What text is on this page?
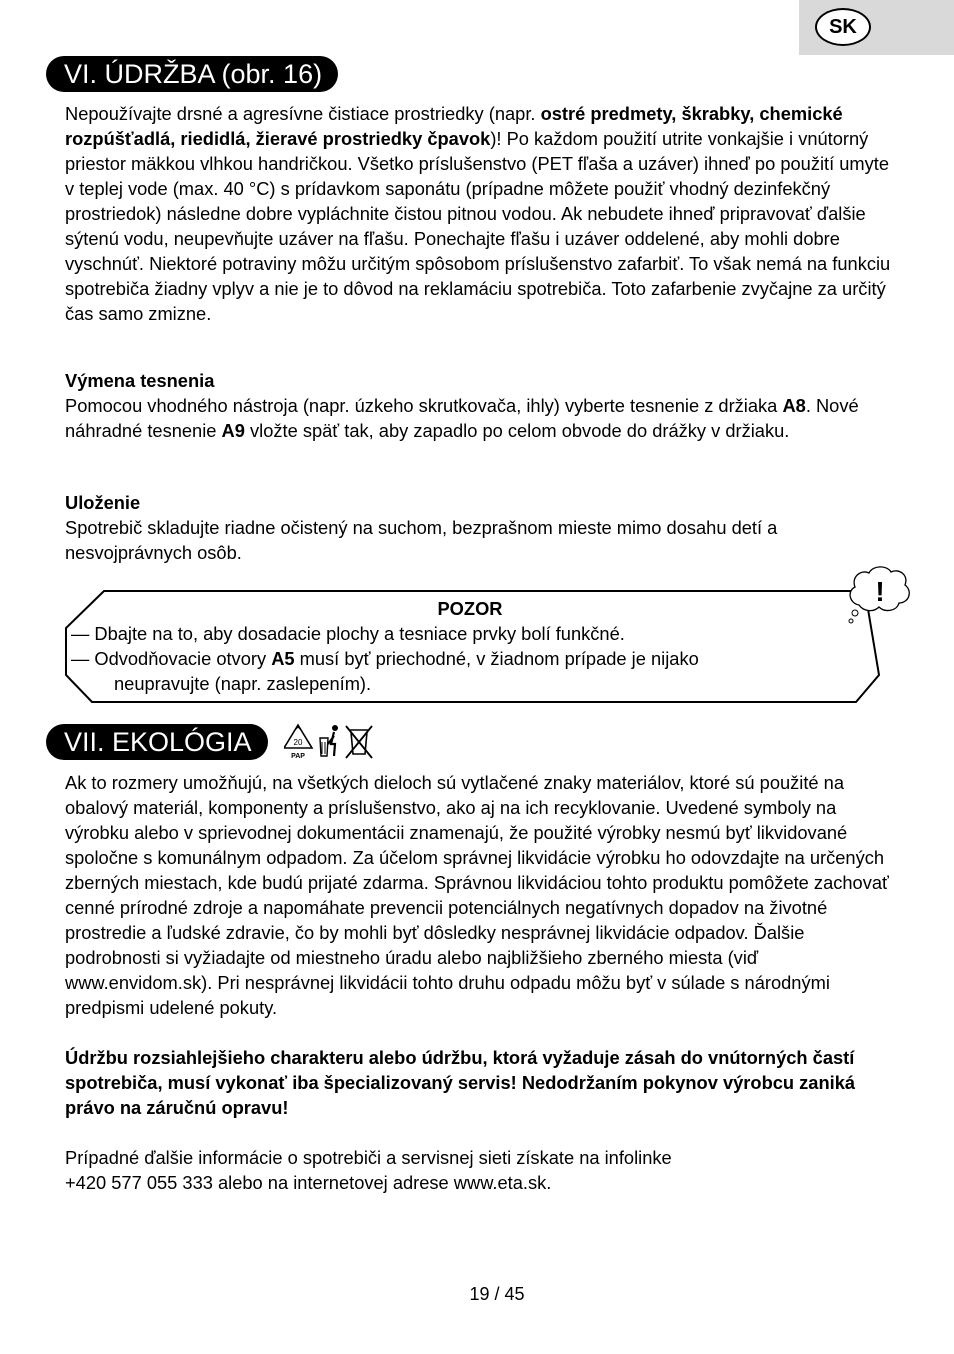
SK
VI. ÚDRŽBA (obr. 16)

Nepoužívajte drsné a agresívne čistiace prostriedky (napr. ostré predmety, škrabky, chemické rozpúšťadlá, riedidlá, žieravé prostriedky čpavok)! Po každom použití utrite vonkajšie i vnútorný priestor mäkkou vlhkou handričkou. Všetko príslušenstvo (PET fľaša a uzáver) ihneď po použití umyte v teplej vode (max. 40 °C) s prídavkom saponátu (prípadne môžete použiť vhodný dezinfekčný prostriedok) následne dobre vypláchnite čistou pitnou vodou. Ak nebudete ihneď pripravovať ďalšie sýtenú vodu, neupevňujte uzáver na fľašu. Ponechajte fľašu i uzáver oddelené, aby mohli dobre vyschnúť. Niektoré potraviny môžu určitým spôsobom príslušenstvo zafarbiť. To však nemá na funkciu spotrebiča žiadny vplyv a nie je to dôvod na reklamáciu spotrebiča. Toto zafarbenie zvyčajne za určitý čas samo zmizne.

Výmena tesnenia

Pomocou vhodného nástroja (napr. úzkeho skrutkovača, ihly) vyberte tesnenie z držiaka A8. Nové náhradné tesnenie A9 vložte späť tak, aby zapadlo po celom obvode do drážky v držiaku.

Uloženie

Spotrebič skladujte riadne očistený na suchom, bezprašnom mieste mimo dosahu detí a nesvojprávnych osôb.

POZOR

— Dbajte na to, aby dosadacie plochy a tesniace prvky bolí funkčné.

— Odvodňovacie otvory A5 musí byť priechodné, v žiadnom prípade je nijako

neupravujte (napr. zaslepením).

!
VII. EKOLÓGIA	20
PAP

Ak to rozmery umožňujú, na všetkých dieloch sú vytlačené znaky materiálov, ktoré sú použité na obalový materiál, komponenty a príslušenstvo, ako aj na ich recyklovanie. Uvedené symboly na výrobku alebo v sprievodnej dokumentácii znamenajú, že použité výrobky nesmú byť likvidované spoločne s komunálnym odpadom. Za účelom správnej likvidácie výrobku ho odovzdajte na určených zberných miestach, kde budú prijaté zdarma. Správnou likvidáciou tohto produktu pomôžete zachovať cenné prírodné zdroje a napomáhate prevencii potenciálnych negatívnych dopadov na životné prostredie a ľudské zdravie, čo by mohli byť dôsledky nesprávnej likvidácie odpadov. Ďalšie podrobnosti si vyžiadajte od miestneho úradu alebo najbližšieho zberného miesta (viď www.envidom.sk). Pri nesprávnej likvidácii tohto druhu odpadu môžu byť v súlade s národnými predpismi udelené pokuty.

Údržbu rozsiahlejšieho charakteru alebo údržbu, ktorá vyžaduje zásah do vnútorných častí spotrebiča, musí vykonať iba špecializovaný servis! Nedodržaním pokynov výrobcu zaniká právo na záručnú opravu!

Prípadné ďalšie informácie o spotrebiči a servisnej sieti získate na infolinke

+420 577 055 333 alebo na internetovej adrese www.eta.sk.

19 / 45
